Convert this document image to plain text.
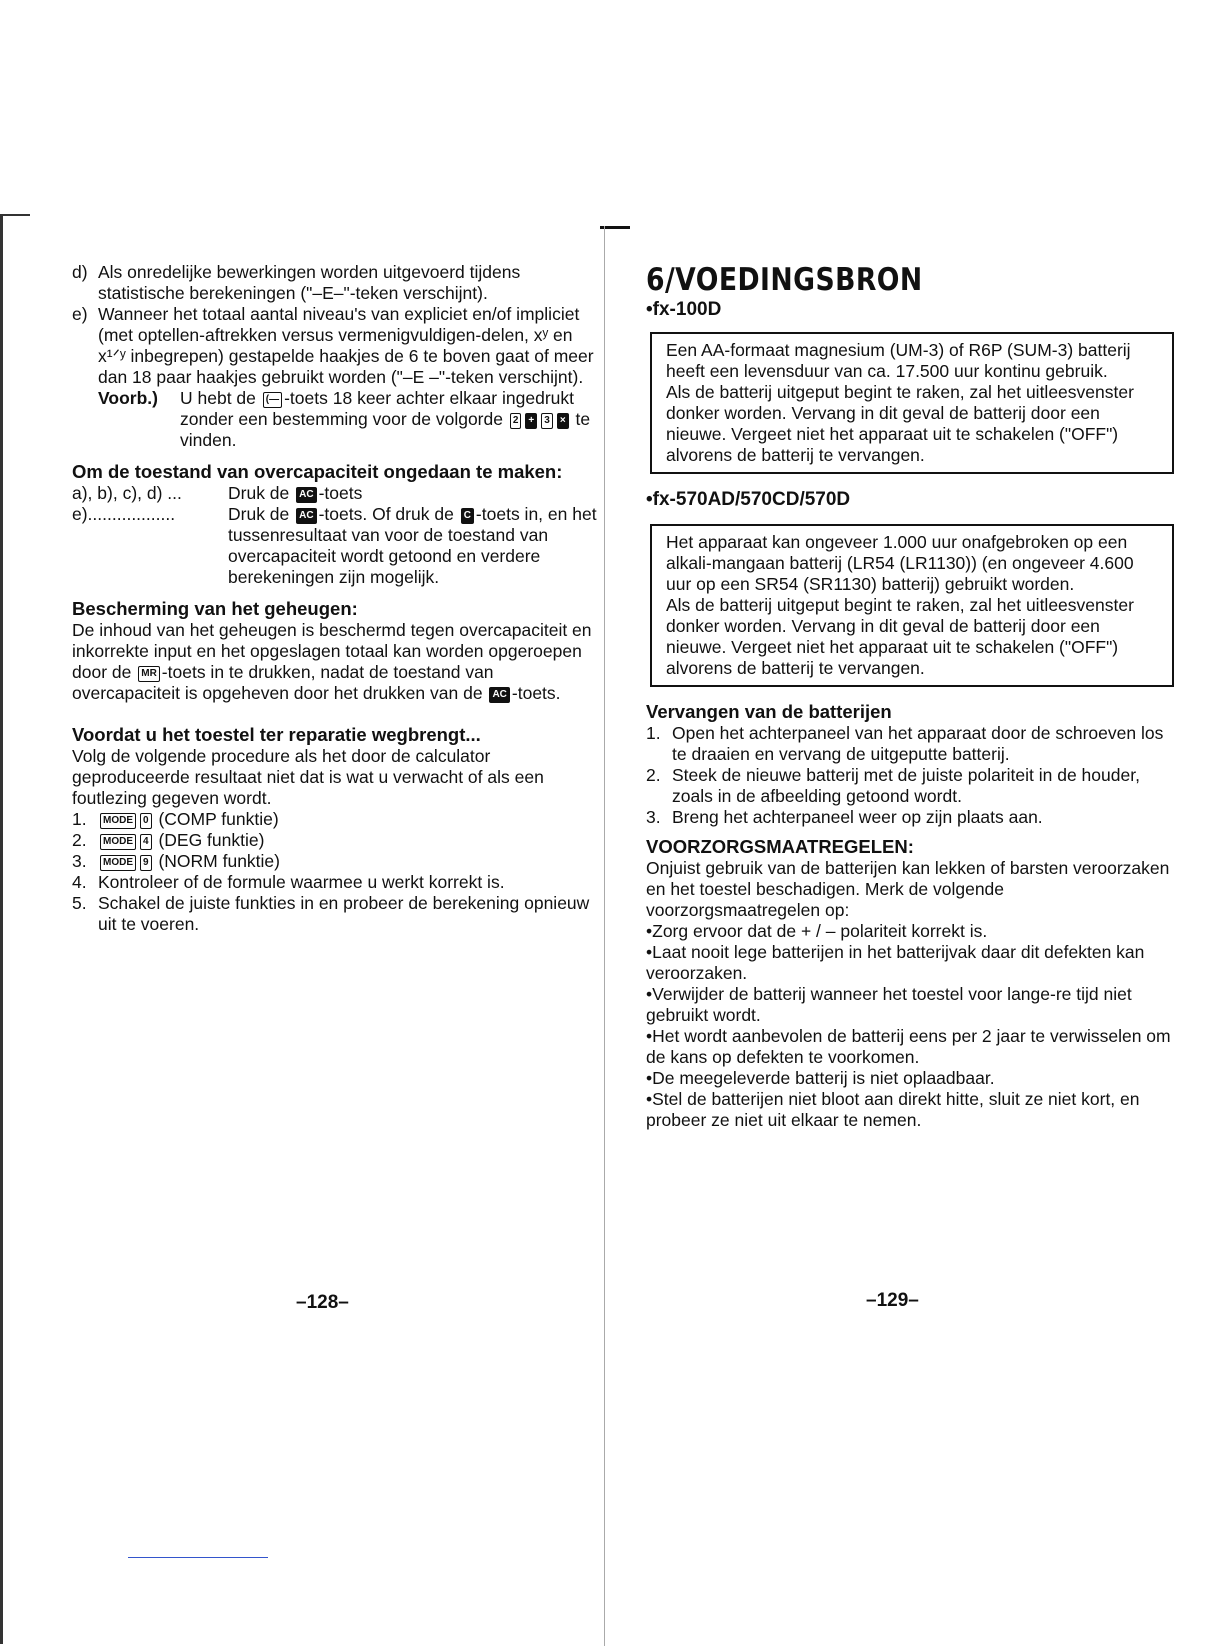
d) Als onredelijke bewerkingen worden uitgevoerd tijdens statistische berekeningen ("–E–"-teken verschijnt).
e) Wanneer het totaal aantal niveau's van expliciet en/of impliciet (met optellen-aftrekken versus vermenigvuldigen-delen, xʸ en x¹ᐟʸ inbegrepen) gestapelde haakjes de 6 te boven gaat of meer dan 18 paar haakjes gebruikt worden ("–E –"-teken verschijnt).
Voorb.)	U hebt de (— -toets 18 keer achter elkaar ingedrukt zonder een bestemming voor de volgorde 2 + 3 × te vinden.

Om de toestand van overcapaciteit ongedaan te maken:

a), b), c), d) ...	Druk de AC -toets
e)..................	Druk de AC -toets. Of druk de C -toets in, en het tussenresultaat van voor de toestand van overcapaciteit wordt getoond en verdere berekeningen zijn mogelijk.

Bescherming van het geheugen:

De inhoud van het geheugen is beschermd tegen overcapaciteit en inkorrekte input en het opgeslagen totaal kan worden opgeroepen door de MR -toets in te drukken, nadat de toestand van overcapaciteit is opgeheven door het drukken van de AC -toets.

Voordat u het toestel ter reparatie wegbrengt...

Volg de volgende procedure als het door de calculator geproduceerde resultaat niet dat is wat u verwacht of als een foutlezing gegeven wordt.

1.	MODE 0 (COMP funktie)
2.	MODE 4 (DEG funktie)
3.	MODE 9 (NORM funktie)
4. Kontroleer of de formule waarmee u werkt korrekt is.
5. Schakel de juiste funkties in en probeer de berekening opnieuw uit te voeren.
–128–

6/VOEDINGSBRON

•fx-100D

Een AA-formaat magnesium (UM-3) of R6P (SUM-3) batterij heeft een levensduur van ca. 17.500 uur kontinu gebruik.

Als de batterij uitgeput begint te raken, zal het uitleesvenster donker worden. Vervang in dit geval de batterij door een nieuwe. Vergeet niet het apparaat uit te schakelen ("OFF") alvorens de batterij te vervangen.

•fx-570AD/570CD/570D

Het apparaat kan ongeveer 1.000 uur onafgebroken op een alkali-mangaan batterij (LR54 (LR1130)) (en ongeveer 4.600 uur op een SR54 (SR1130) batterij) gebruikt worden.

Als de batterij uitgeput begint te raken, zal het uitleesvenster donker worden. Vervang in dit geval de batterij door een nieuwe. Vergeet niet het apparaat uit te schakelen ("OFF") alvorens de batterij te vervangen.

Vervangen van de batterijen

1. Open het achterpaneel van het apparaat door de schroeven los te draaien en vervang de uitgeputte batterij.
2. Steek de nieuwe batterij met de juiste polariteit in de houder, zoals in de afbeelding getoond wordt.
3. Breng het achterpaneel weer op zijn plaats aan.

VOORZORGSMAATREGELEN:

Onjuist gebruik van de batterijen kan lekken of barsten veroorzaken en het toestel beschadigen. Merk de volgende voorzorgsmaatregelen op:

•Zorg ervoor dat de + / – polariteit korrekt is.

•Laat nooit lege batterijen in het batterijvak daar dit defekten kan veroorzaken.

•Verwijder de batterij wanneer het toestel voor lange-re tijd niet gebruikt wordt.

•Het wordt aanbevolen de batterij eens per 2 jaar te verwisselen om de kans op defekten te voorkomen.

•De meegeleverde batterij is niet oplaadbaar.

•Stel de batterijen niet bloot aan direkt hitte, sluit ze niet kort, en probeer ze niet uit elkaar te nemen.

–129–
